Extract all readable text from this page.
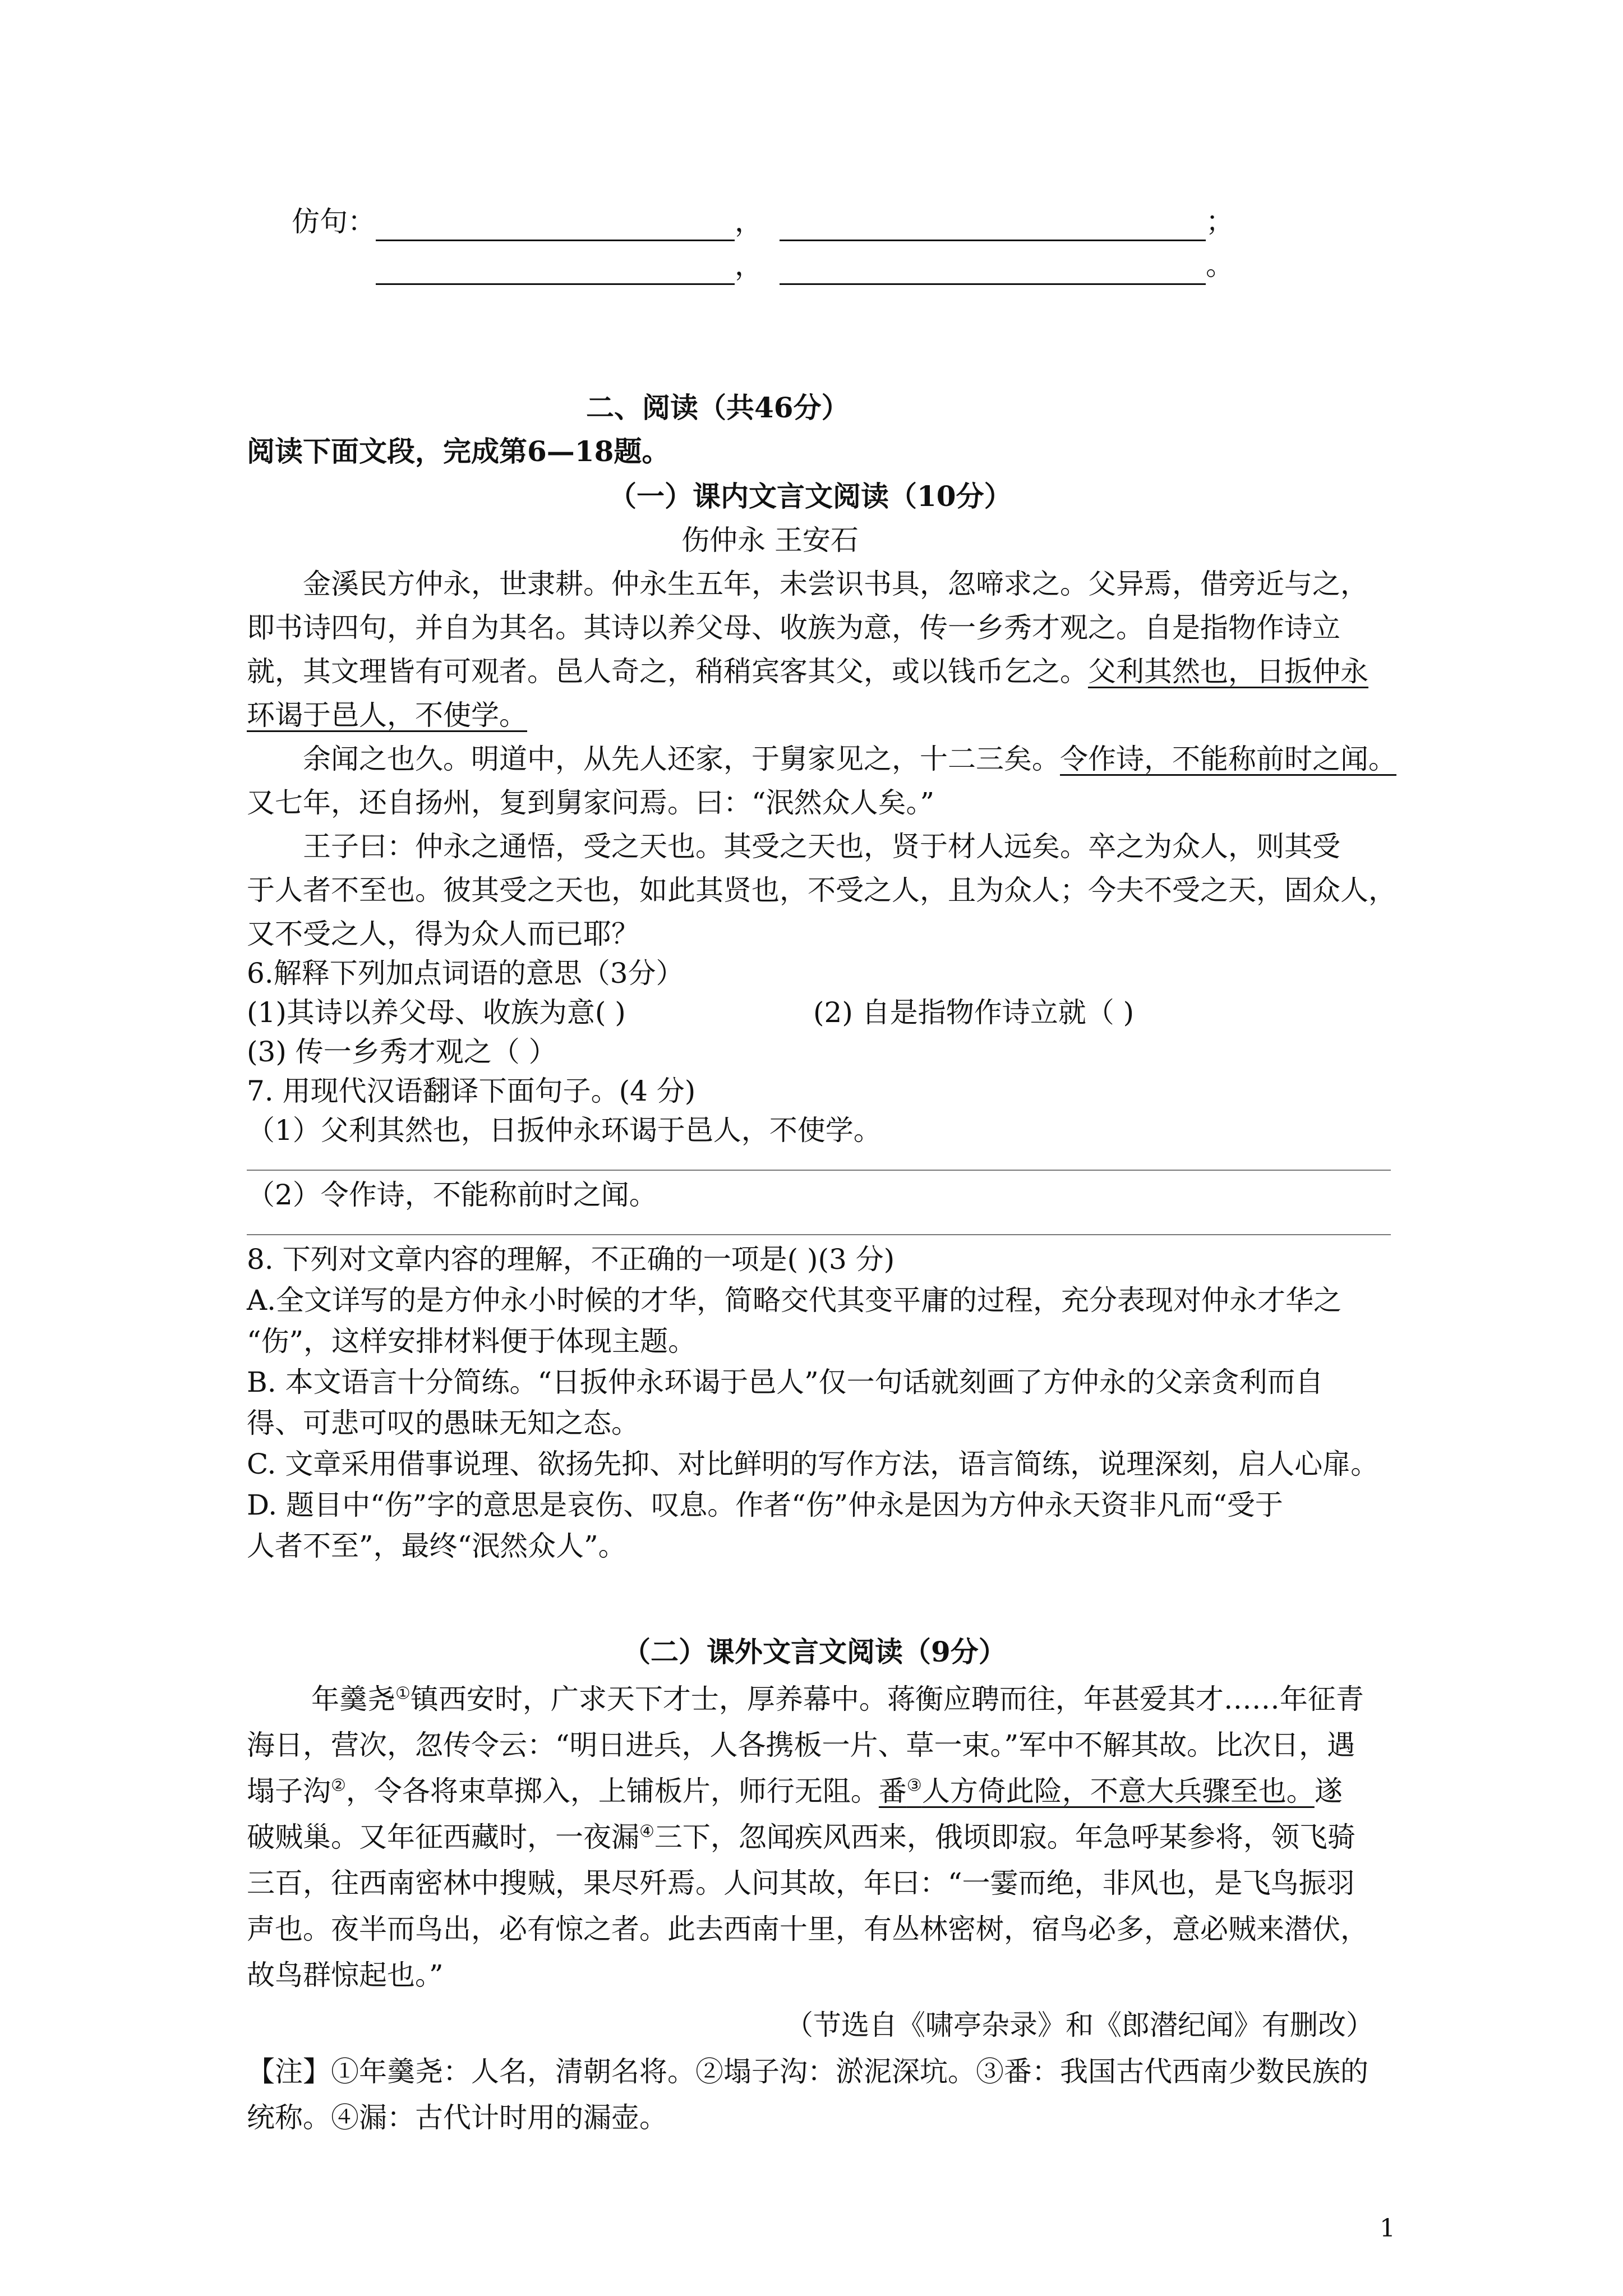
仿句：	，	；
，	。
二、阅读（共46分）
阅读下面文段，完成第6—18题。
（一）课内文言文阅读（10分）
伤仲永 王安石
金溪民方仲永，世隶耕。仲永生五年，未尝识书具，忽啼求之。父异焉，借旁近与之，
即书诗四句，并自为其名。其诗以养父母、收族为意，传一乡秀才观之。自是指物作诗立
就，其文理皆有可观者。邑人奇之，稍稍宾客其父，或以钱币乞之。父利其然也，日扳仲永
环谒于邑人，不使学。
余闻之也久。明道中，从先人还家，于舅家见之，十二三矣。令作诗，不能称前时之闻。
又七年，还自扬州，复到舅家问焉。曰：“泯然众人矣。”
王子曰：仲永之通悟，受之天也。其受之天也，贤于材人远矣。卒之为众人，则其受
于人者不至也。彼其受之天也，如此其贤也，不受之人，且为众人；今夫不受之天，固众人，
又不受之人，得为众人而已耶？
6.解释下列加点词语的意思（3分）
(1)其诗以养父母、收族为意( )	(2) 自是指物作诗立就（ )
(3) 传一乡秀才观之（ ）
7. 用现代汉语翻译下面句子。(4 分)
（1）父利其然也，日扳仲永环谒于邑人，不使学。
（2）令作诗，不能称前时之闻。
8. 下列对文章内容的理解，不正确的一项是( )(3 分)
A.全文详写的是方仲永小时候的才华，简略交代其变平庸的过程，充分表现对仲永才华之
“伤”，这样安排材料便于体现主题。
B. 本文语言十分简练。“日扳仲永环谒于邑人”仅一句话就刻画了方仲永的父亲贪利而自
得、可悲可叹的愚昧无知之态。
C. 文章采用借事说理、欲扬先抑、对比鲜明的写作方法，语言简练，说理深刻，启人心扉。
D. 题目中“伤”字的意思是哀伤、叹息。作者“伤”仲永是因为方仲永天资非凡而“受于
人者不至”，最终“泯然众人”。
（二）课外文言文阅读（9分）
年羹尧①镇西安时，广求天下才士，厚养幕中。蒋衡应聘而往，年甚爱其才……年征青
海日，营次，忽传令云：“明日进兵，人各携板一片、草一束。”军中不解其故。比次日，遇
塌子沟②，令各将束草掷入，上铺板片，师行无阻。番③人方倚此险，不意大兵骤至也。遂
破贼巢。又年征西藏时，一夜漏④三下，忽闻疾风西来，俄顷即寂。年急呼某参将，领飞骑
三百，往西南密林中搜贼，果尽歼焉。人问其故，年曰：“一霎而绝，非风也，是飞鸟振羽
声也。夜半而鸟出，必有惊之者。此去西南十里，有丛林密树，宿鸟必多，意必贼来潜伏，
故鸟群惊起也。”
（节选自《啸亭杂录》和《郎潜纪闻》有删改）
【注】①年羹尧：人名，清朝名将。②塌子沟：淤泥深坑。③番：我国古代西南少数民族的
统称。④漏：古代计时用的漏壶。
1
